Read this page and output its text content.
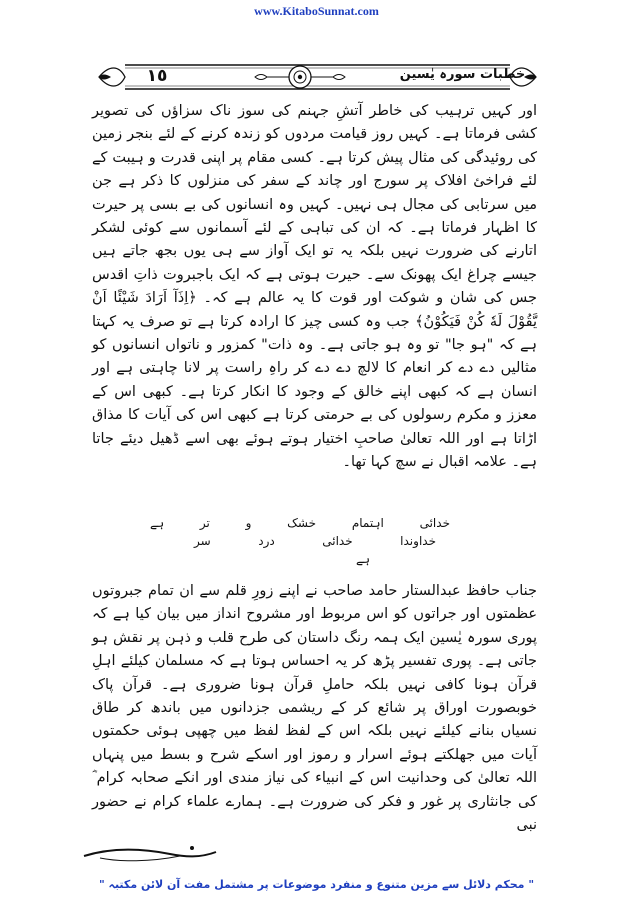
www.KitaboSunnat.com
١٥	خطبات سورہ یٰسین

اور کہیں ترہیب کی خاطر آتشِ جہنم کی سوز ناک سزاؤں کی تصویر کشی فرماتا ہے۔ کہیں روز قیامت مردوں کو زندہ کرنے کے لئے بنجر زمین کی روئیدگی کی مثال پیش کرتا ہے۔ کسی مقام پر اپنی قدرت و ہیبت کے لئے فراخئ افلاک پر سورج اور چاند کے سفر کی منزلوں کا ذکر ہے جن میں سرتابی کی مجال ہی نہیں۔ کہیں وہ انسانوں کی بے بسی پر حیرت کا اظہار فرماتا ہے۔ کہ ان کی تباہی کے لئے آسمانوں سے کوئی لشکر اتارنے کی ضرورت نہیں بلکہ یہ تو ایک آواز سے ہی یوں بجھ جاتے ہیں جیسے چراغ ایک پھونک سے۔ حیرت ہوتی ہے کہ ایک باجبروت ذاتِ اقدس جس کی شان و شوکت اور قوت کا یہ عالم ہے کہ۔ ﴿اِذَآ اَرَادَ شَيْئًا اَنْ يَّقُوْلَ لَهٗ كُنْ فَيَكُوْنُ﴾ جب وہ کسی چیز کا ارادہ کرتا ہے تو صرف یہ کہتا ہے کہ "ہو جا" تو وہ ہو جاتی ہے۔ وہ ذات" کمزور و ناتواں انسانوں کو مثالیں دے دے کر انعام کا لالچ دے دے کر راہِ راست پر لانا چاہتی ہے اور انسان ہے کہ کبھی اپنے خالق کے وجود کا انکار کرتا ہے۔ کبھی اس کے معزز و مکرم رسولوں کی بے حرمتی کرتا ہے کبھی اس کی آیات کا مذاق اڑاتا ہے اور اللہ تعالیٰ صاحبِ اختیار ہوتے ہوئے بھی اسے ڈھیل دیئے جاتا ہے۔ علامہ اقبال نے سچ کہا تھا۔

خدائی
اہتمام
خشک
و
تر
ہے
خداوندا
خدائی
درد
سر
ہے

جناب حافظ عبدالستار حامد صاحب نے اپنے زورِ قلم سے ان تمام جبروتوں عظمتوں اور جراتوں کو اس مربوط اور مشروح انداز میں بیان کیا ہے کہ پوری سورہ یٰسین ایک ہمہ رنگ داستان کی طرح قلب و ذہن پر نقش ہو جاتی ہے۔ پوری تفسیر پڑھ کر یہ احساس ہوتا ہے کہ مسلمان کیلئے اہلِ قرآن ہونا کافی نہیں بلکہ حاملِ قرآن ہونا ضروری ہے۔ قرآن پاک خوبصورت اوراق پر شائع کر کے ریشمی جزدانوں میں باندھ کر طاق نسیاں بنانے کیلئے نہیں بلکہ اس کے لفظ لفظ میں چھپی ہوئی حکمتوں آیات میں جھلکتے ہوئے اسرار و رموز اور اسکے شرح و بسط میں پنہاں اللہ تعالیٰ کی وحدانیت اس کے انبیاء کی نیاز مندی اور انکے صحابہ کرام ؓ کی جانثاری پر غور و فکر کی ضرورت ہے۔ ہمارے علماء کرام نے حضور نبی

" محکم دلائل سے مزین متنوع و منفرد موضوعات پر مشتمل مفت آن لائن مکتبہ "
